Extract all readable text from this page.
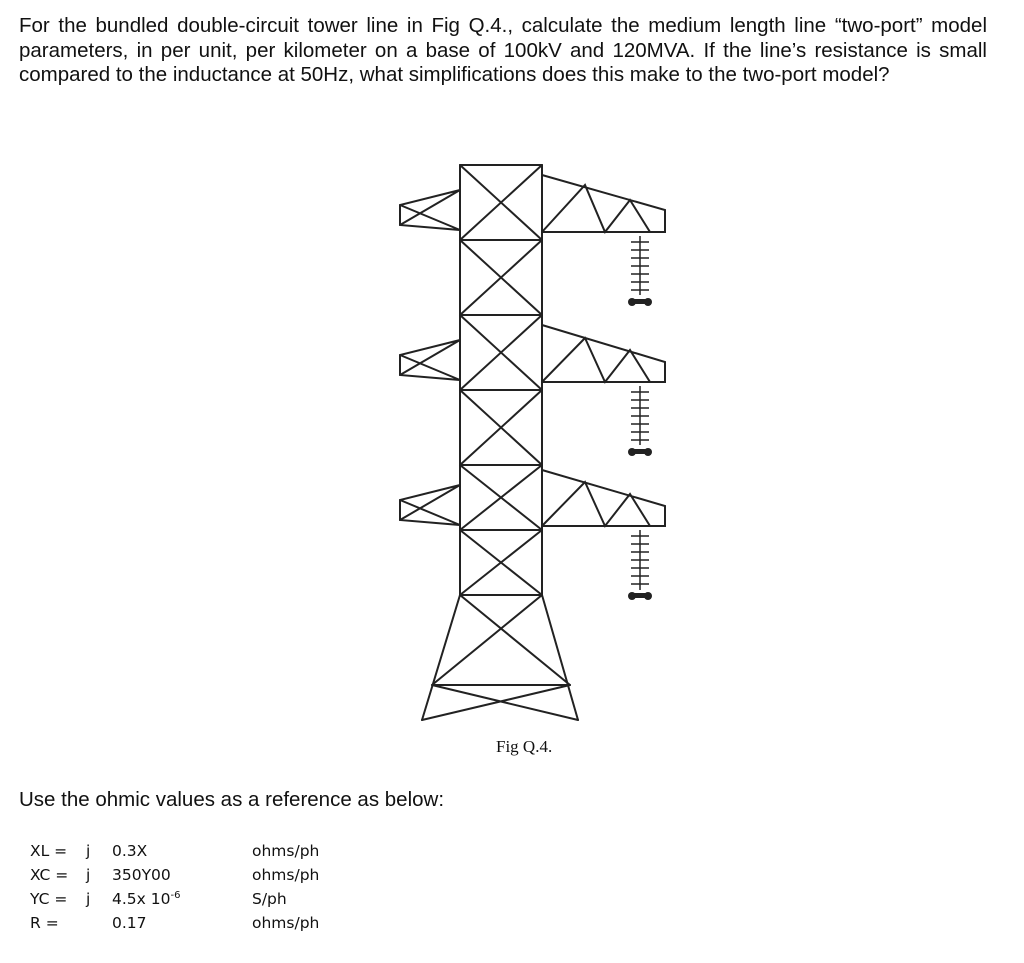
For the bundled double-circuit tower line in Fig Q.4., calculate the medium length line “two-port” model parameters, in per unit, per kilometer on a base of 100kV and 120MVA. If the line’s resistance is small compared to the inductance at 50Hz, what simplifications does this make to the two-port model?

Fig Q.4.
Use the ohmic values as a reference as below:
XL = j 0.3X	ohms/ph
XC = j 350Y00	ohms/ph
YC = j 4.5x $10^{-6}$	S/ph
R =	0.17	ohms/ph
